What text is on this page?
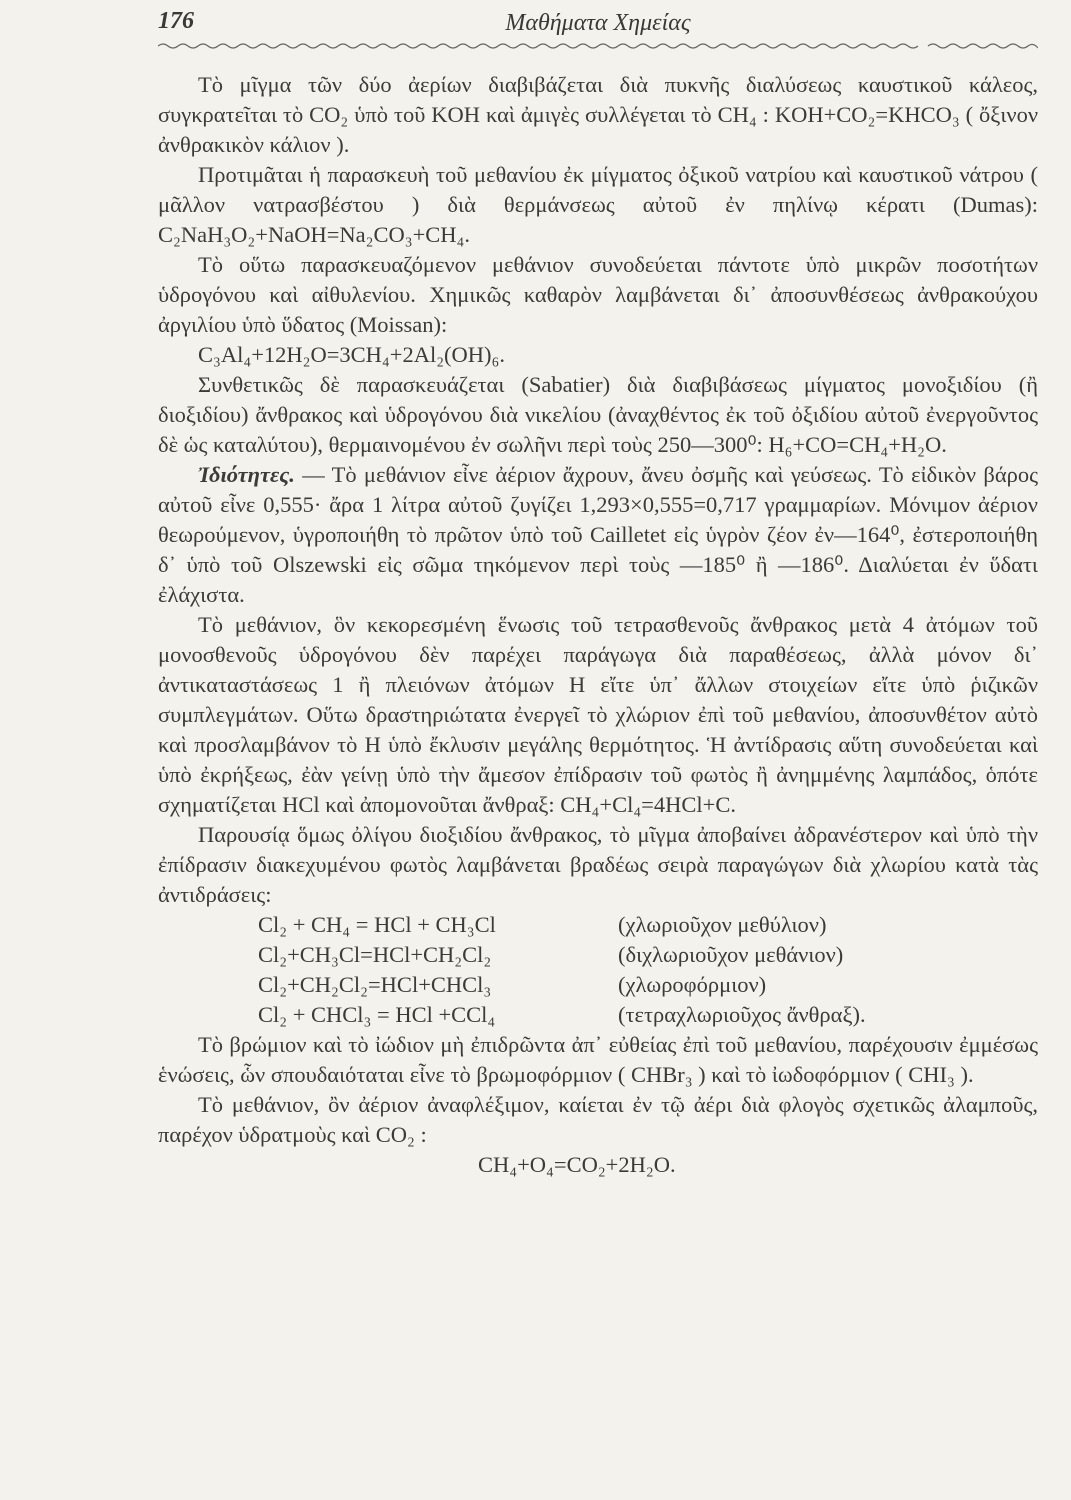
176	Μαθήματα Χημείας

Τὸ μῖγμα τῶν δύο ἀερίων διαβιβάζεται διὰ πυκνῆς διαλύσεως καυστικοῦ κάλεος, συγκρατεῖται τὸ CO₂ ὑπὸ τοῦ KOH καὶ ἀμιγὲς συλλέγεται τὸ CH₄ : KOH+CO₂=KHCO₃ ( ὄξινον ἀνθρακικὸν κάλιον ).

Προτιμᾶται ἡ παρασκευὴ τοῦ μεθανίου ἐκ μίγματος ὀξικοῦ νατρίου καὶ καυστικοῦ νάτρου ( μᾶλλον νατρασβέστου ) διὰ θερμάνσεως αὐτοῦ ἐν πηλίνῳ κέρατι (Dumas): C₂NaH₃O₂+NaOH=Na₂CO₃+CH₄.

Τὸ οὕτω παρασκευαζόμενον μεθάνιον συνοδεύεται πάντοτε ὑπὸ μικρῶν ποσοτήτων ὑδρογόνου καὶ αἰθυλενίου. Χημικῶς καθαρὸν λαμβάνεται δι᾽ ἀποσυνθέσεως ἀνθρακούχου ἀργιλίου ὑπὸ ὕδατος (Moissan):

C₃Al₄+12H₂O=3CH₄+2Al₂(OH)₆.

Συνθετικῶς δὲ παρασκευάζεται (Sabatier) διὰ διαβιβάσεως μίγματος μονοξιδίου (ἢ διοξιδίου) ἄνθρακος καὶ ὑδρογόνου διὰ νικελίου (ἀναχθέντος ἐκ τοῦ ὀξιδίου αὐτοῦ ἐνεργοῦντος δὲ ὡς καταλύτου), θερμαινομένου ἐν σωλῆνι περὶ τοὺς 250—300⁰: H₆+CO=CH₄+H₂O.

Ἰδιότητες. — Τὸ μεθάνιον εἶνε ἀέριον ἄχρουν, ἄνευ ὀσμῆς καὶ γεύσεως. Τὸ εἰδικὸν βάρος αὐτοῦ εἶνε 0,555· ἄρα 1 λίτρα αὐτοῦ ζυγίζει 1,293×0,555=0,717 γραμμαρίων. Μόνιμον ἀέριον θεωρούμενον, ὑγροποιήθη τὸ πρῶτον ὑπὸ τοῦ Cailletet εἰς ὑγρὸν ζέον ἐν—164⁰, ἐστεροποιήθη δ᾽ ὑπὸ τοῦ Olszewski εἰς σῶμα τηκόμενον περὶ τοὺς —185⁰ ἢ —186⁰. Διαλύεται ἐν ὕδατι ἐλάχιστα.

Τὸ μεθάνιον, ὃν κεκορεσμένη ἕνωσις τοῦ τετρασθενοῦς ἄνθρακος μετὰ 4 ἀτόμων τοῦ μονοσθενοῦς ὑδρογόνου δὲν παρέχει παράγωγα διὰ παραθέσεως, ἀλλὰ μόνον δι᾽ ἀντικαταστάσεως 1 ἢ πλειόνων ἀτόμων H εἴτε ὑπ᾽ ἄλλων στοιχείων εἴτε ὑπὸ ῥιζικῶν συμπλεγμάτων. Οὕτω δραστηριώτατα ἐνεργεῖ τὸ χλώριον ἐπὶ τοῦ μεθανίου, ἀποσυνθέτον αὐτὸ καὶ προσλαμβάνον τὸ H ὑπὸ ἔκλυσιν μεγάλης θερμότητος. Ἡ ἀντίδρασις αὕτη συνοδεύεται καὶ ὑπὸ ἐκρήξεως, ἐὰν γείνῃ ὑπὸ τὴν ἄμεσον ἐπίδρασιν τοῦ φωτὸς ἢ ἀνημμένης λαμπάδος, ὁπότε σχηματίζεται HCl καὶ ἀπομονοῦται ἄνθραξ: CH₄+Cl₄=4HCl+C.

Παρουσίᾳ ὅμως ὀλίγου διοξιδίου ἄνθρακος, τὸ μῖγμα ἀποβαίνει ἀδρανέστερον καὶ ὑπὸ τὴν ἐπίδρασιν διακεχυμένου φωτὸς λαμβάνεται βραδέως σειρὰ παραγώγων διὰ χλωρίου κατὰ τὰς ἀντιδράσεις:

Cl₂ + CH₄ = HCl + CH₃Cl	(χλωριοῦχον μεθύλιον)
Cl₂+CH₃Cl=HCl+CH₂Cl₂	(διχλωριοῦχον μεθάνιον)
Cl₂+CH₂Cl₂=HCl+CHCl₃	(χλωροφόρμιον)
Cl₂ + CHCl₃ = HCl +CCl₄	(τετραχλωριοῦχος ἄνθραξ).

Τὸ βρώμιον καὶ τὸ ἰώδιον μὴ ἐπιδρῶντα ἀπ᾽ εὐθείας ἐπὶ τοῦ μεθανίου, παρέχουσιν ἐμμέσως ἑνώσεις, ὧν σπουδαιόταται εἶνε τὸ βρωμοφόρμιον ( CHBr₃ ) καὶ τὸ ἰωδοφόρμιον ( CHI₃ ).

Τὸ μεθάνιον, ὂν ἀέριον ἀναφλέξιμον, καίεται ἐν τῷ ἀέρι διὰ φλογὸς σχετικῶς ἀλαμποῦς, παρέχον ὑδρατμοὺς καὶ CO₂ :

CH₄+O₄=CO₂+2H₂O.
